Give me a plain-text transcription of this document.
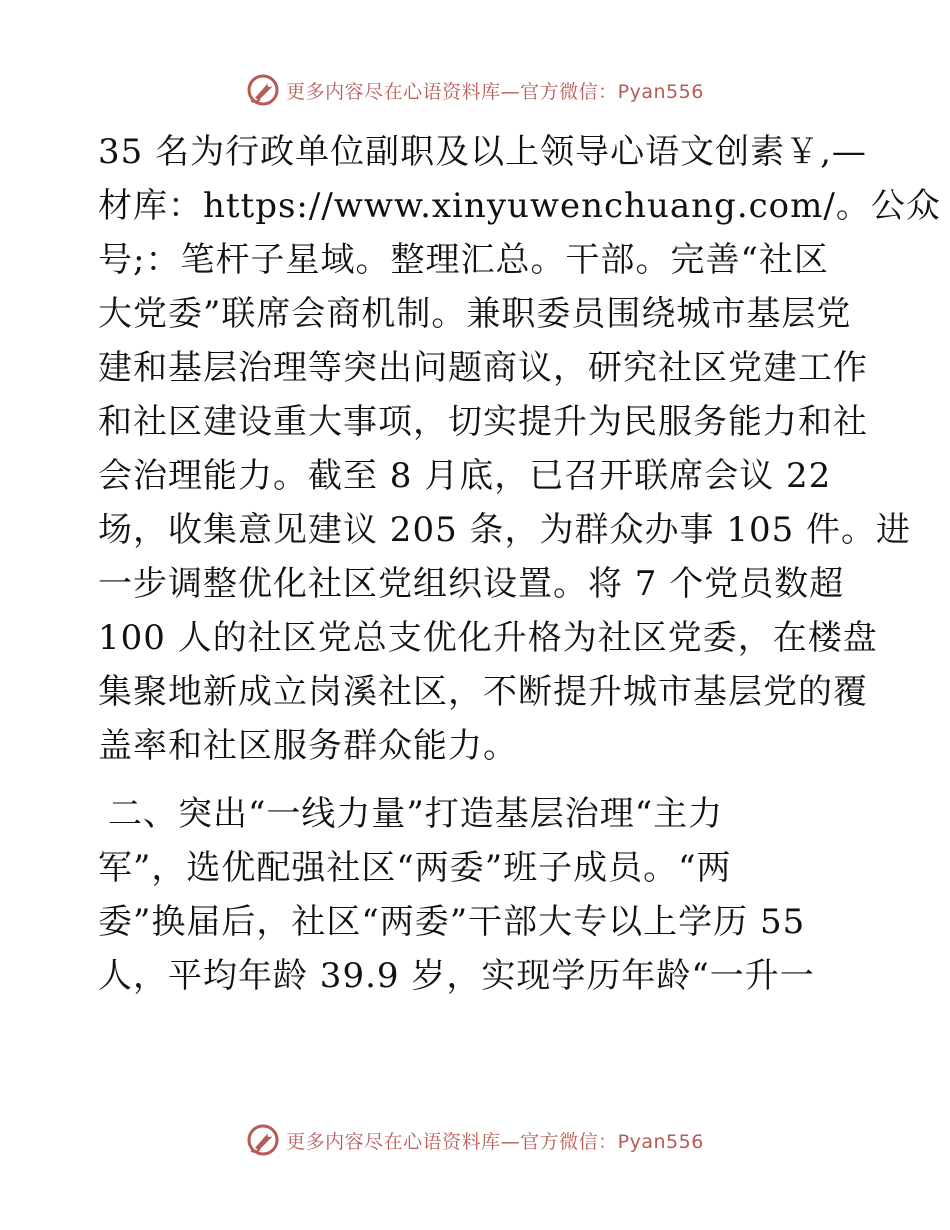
更多内容尽在心语资料库—官方微信：Pyan556
35 名为行政单位副职及以上领导心语文创素￥,—
材库：https://www.xinyuwenchuang.com/。公众
号;：笔杆子星域。整理汇总。干部。完善“社区
大党委”联席会商机制。兼职委员围绕城市基层党
建和基层治理等突出问题商议，研究社区党建工作
和社区建设重大事项，切实提升为民服务能力和社
会治理能力。截至 8 月底，已召开联席会议 22
场，收集意见建议 205 条，为群众办事 105 件。进
一步调整优化社区党组织设置。将 7 个党员数超
100 人的社区党总支优化升格为社区党委，在楼盘
集聚地新成立岗溪社区，不断提升城市基层党的覆
盖率和社区服务群众能力。
二、突出“一线力量”打造基层治理“主力
军”，选优配强社区“两委”班子成员。“两
委”换届后，社区“两委”干部大专以上学历 55
人，平均年龄 39.9 岁，实现学历年龄“一升一
更多内容尽在心语资料库—官方微信：Pyan556
